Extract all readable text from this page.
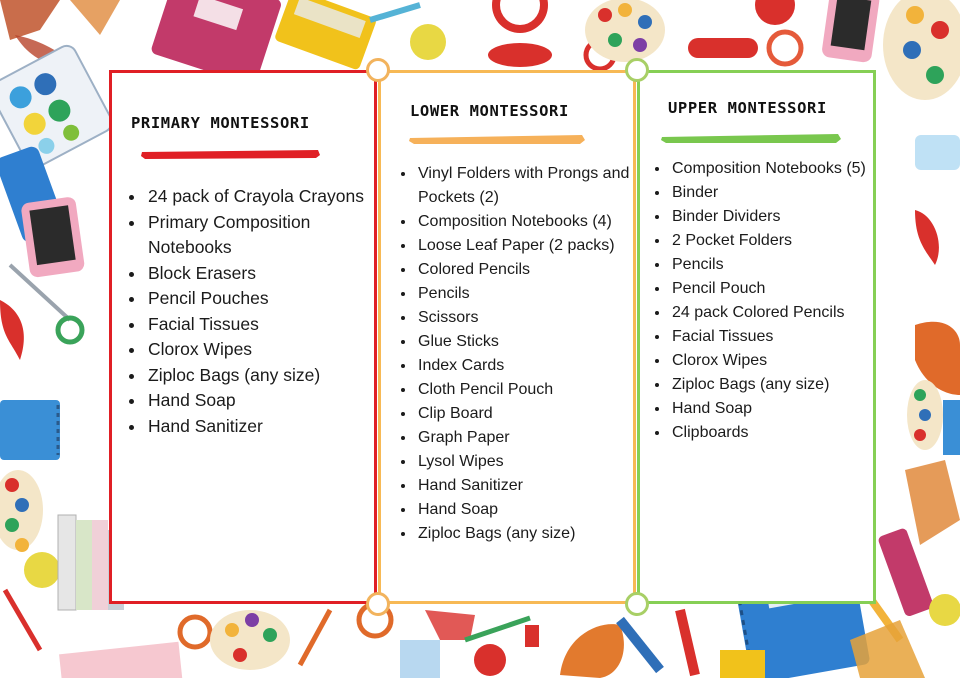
PRIMARY MONTESSORI
• 24 pack of Crayola Crayons
• Primary Composition Notebooks
• Block Erasers
• Pencil Pouches
• Facial Tissues
• Clorox Wipes
• Ziploc Bags (any size)
• Hand Soap
• Hand Sanitizer
LOWER MONTESSORI
• Vinyl Folders with Prongs and Pockets (2)
• Composition Notebooks (4)
• Loose Leaf Paper (2 packs)
• Colored Pencils
• Pencils
• Scissors
• Glue Sticks
• Index Cards
• Cloth Pencil Pouch
• Clip Board
• Graph Paper
• Lysol Wipes
• Hand Sanitizer
• Hand Soap
• Ziploc Bags (any size)
UPPER MONTESSORI
• Composition Notebooks (5)
• Binder
• Binder Dividers
• 2 Pocket Folders
• Pencils
• Pencil Pouch
• 24 pack Colored Pencils
• Facial Tissues
• Clorox Wipes
• Ziploc Bags (any size)
• Hand Soap
• Clipboards
